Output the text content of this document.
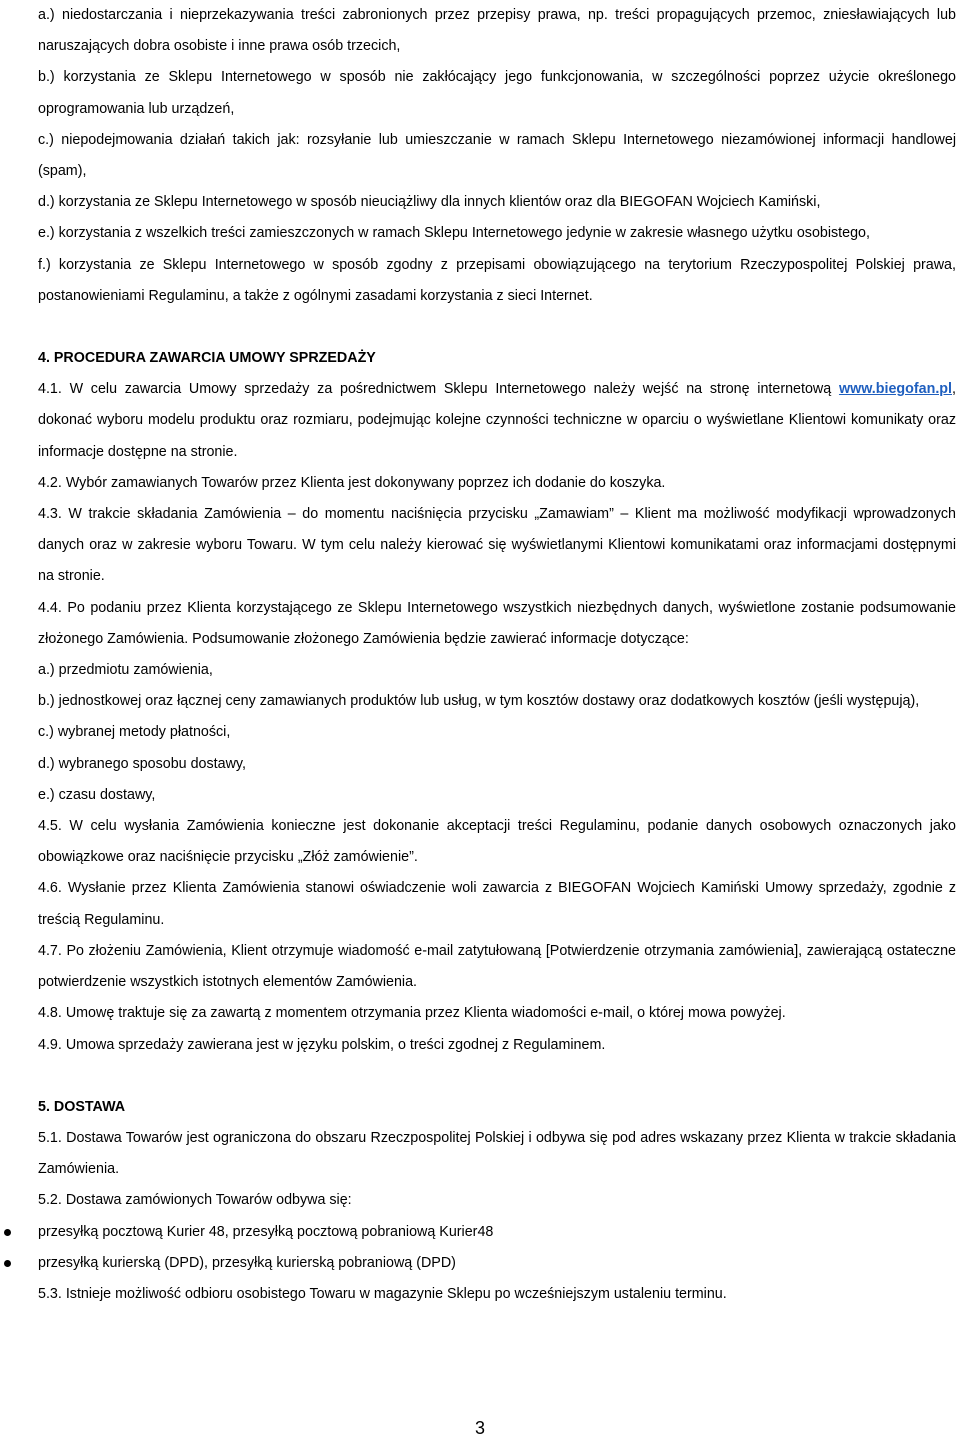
a.) niedostarczania i nieprzekazywania treści zabronionych przez przepisy prawa, np. treści propagujących przemoc, zniesławiających lub naruszających dobra osobiste i inne prawa osób trzecich,

b.) korzystania ze Sklepu Internetowego w sposób nie zakłócający jego funkcjonowania, w szczególności poprzez użycie określonego oprogramowania lub urządzeń,

c.) niepodejmowania działań takich jak: rozsyłanie lub umieszczanie w ramach Sklepu Internetowego niezamówionej informacji handlowej (spam),

d.) korzystania ze Sklepu Internetowego w sposób nieuciążliwy dla innych klientów oraz dla BIEGOFAN Wojciech Kamiński,

e.) korzystania z wszelkich treści zamieszczonych w ramach Sklepu Internetowego jedynie w zakresie własnego użytku osobistego,

f.) korzystania ze Sklepu Internetowego w sposób zgodny z przepisami obowiązującego na terytorium Rzeczypospolitej Polskiej prawa, postanowieniami Regulaminu, a także z ogólnymi zasadami korzystania z sieci Internet.

4. PROCEDURA ZAWARCIA UMOWY SPRZEDAŻY

4.1. W celu zawarcia Umowy sprzedaży za pośrednictwem Sklepu Internetowego należy wejść na stronę internetową www.biegofan.pl, dokonać wyboru modelu produktu oraz rozmiaru, podejmując kolejne czynności techniczne w oparciu o wyświetlane Klientowi komunikaty oraz informacje dostępne na stronie.

4.2. Wybór zamawianych Towarów przez Klienta jest dokonywany poprzez ich dodanie do koszyka.

4.3. W trakcie składania Zamówienia – do momentu naciśnięcia przycisku „Zamawiam” – Klient ma możliwość modyfikacji wprowadzonych danych oraz w zakresie wyboru Towaru. W tym celu należy kierować się wyświetlanymi Klientowi komunikatami oraz informacjami dostępnymi na stronie.

4.4. Po podaniu przez Klienta korzystającego ze Sklepu Internetowego wszystkich niezbędnych danych, wyświetlone zostanie podsumowanie złożonego Zamówienia. Podsumowanie złożonego Zamówienia będzie zawierać informacje dotyczące:

a.) przedmiotu zamówienia,

b.) jednostkowej oraz łącznej ceny zamawianych produktów lub usług, w tym kosztów dostawy oraz dodatkowych kosztów (jeśli występują),

c.) wybranej metody płatności,

d.) wybranego sposobu dostawy,

e.) czasu dostawy,

4.5. W celu wysłania Zamówienia konieczne jest dokonanie akceptacji treści Regulaminu, podanie danych osobowych oznaczonych jako obowiązkowe oraz naciśnięcie przycisku „Złóż zamówienie”.

4.6. Wysłanie przez Klienta Zamówienia stanowi oświadczenie woli zawarcia z BIEGOFAN Wojciech Kamiński Umowy sprzedaży, zgodnie z treścią Regulaminu.

4.7. Po złożeniu Zamówienia, Klient otrzymuje wiadomość e-mail zatytułowaną [Potwierdzenie otrzymania zamówienia], zawierającą ostateczne potwierdzenie wszystkich istotnych elementów Zamówienia.

4.8. Umowę traktuje się za zawartą z momentem otrzymania przez Klienta wiadomości e-mail, o której mowa powyżej.

4.9. Umowa sprzedaży zawierana jest w języku polskim, o treści zgodnej z Regulaminem.

5. DOSTAWA

5.1. Dostawa Towarów jest ograniczona do obszaru Rzeczpospolitej Polskiej i odbywa się pod adres wskazany przez Klienta w trakcie składania Zamówienia.

5.2. Dostawa zamówionych Towarów odbywa się:

przesyłką pocztową Kurier 48, przesyłką pocztową pobraniową Kurier48
przesyłką kurierską (DPD), przesyłką kurierską pobraniową (DPD)

5.3. Istnieje możliwość odbioru osobistego Towaru w magazynie Sklepu po wcześniejszym ustaleniu terminu.

3
